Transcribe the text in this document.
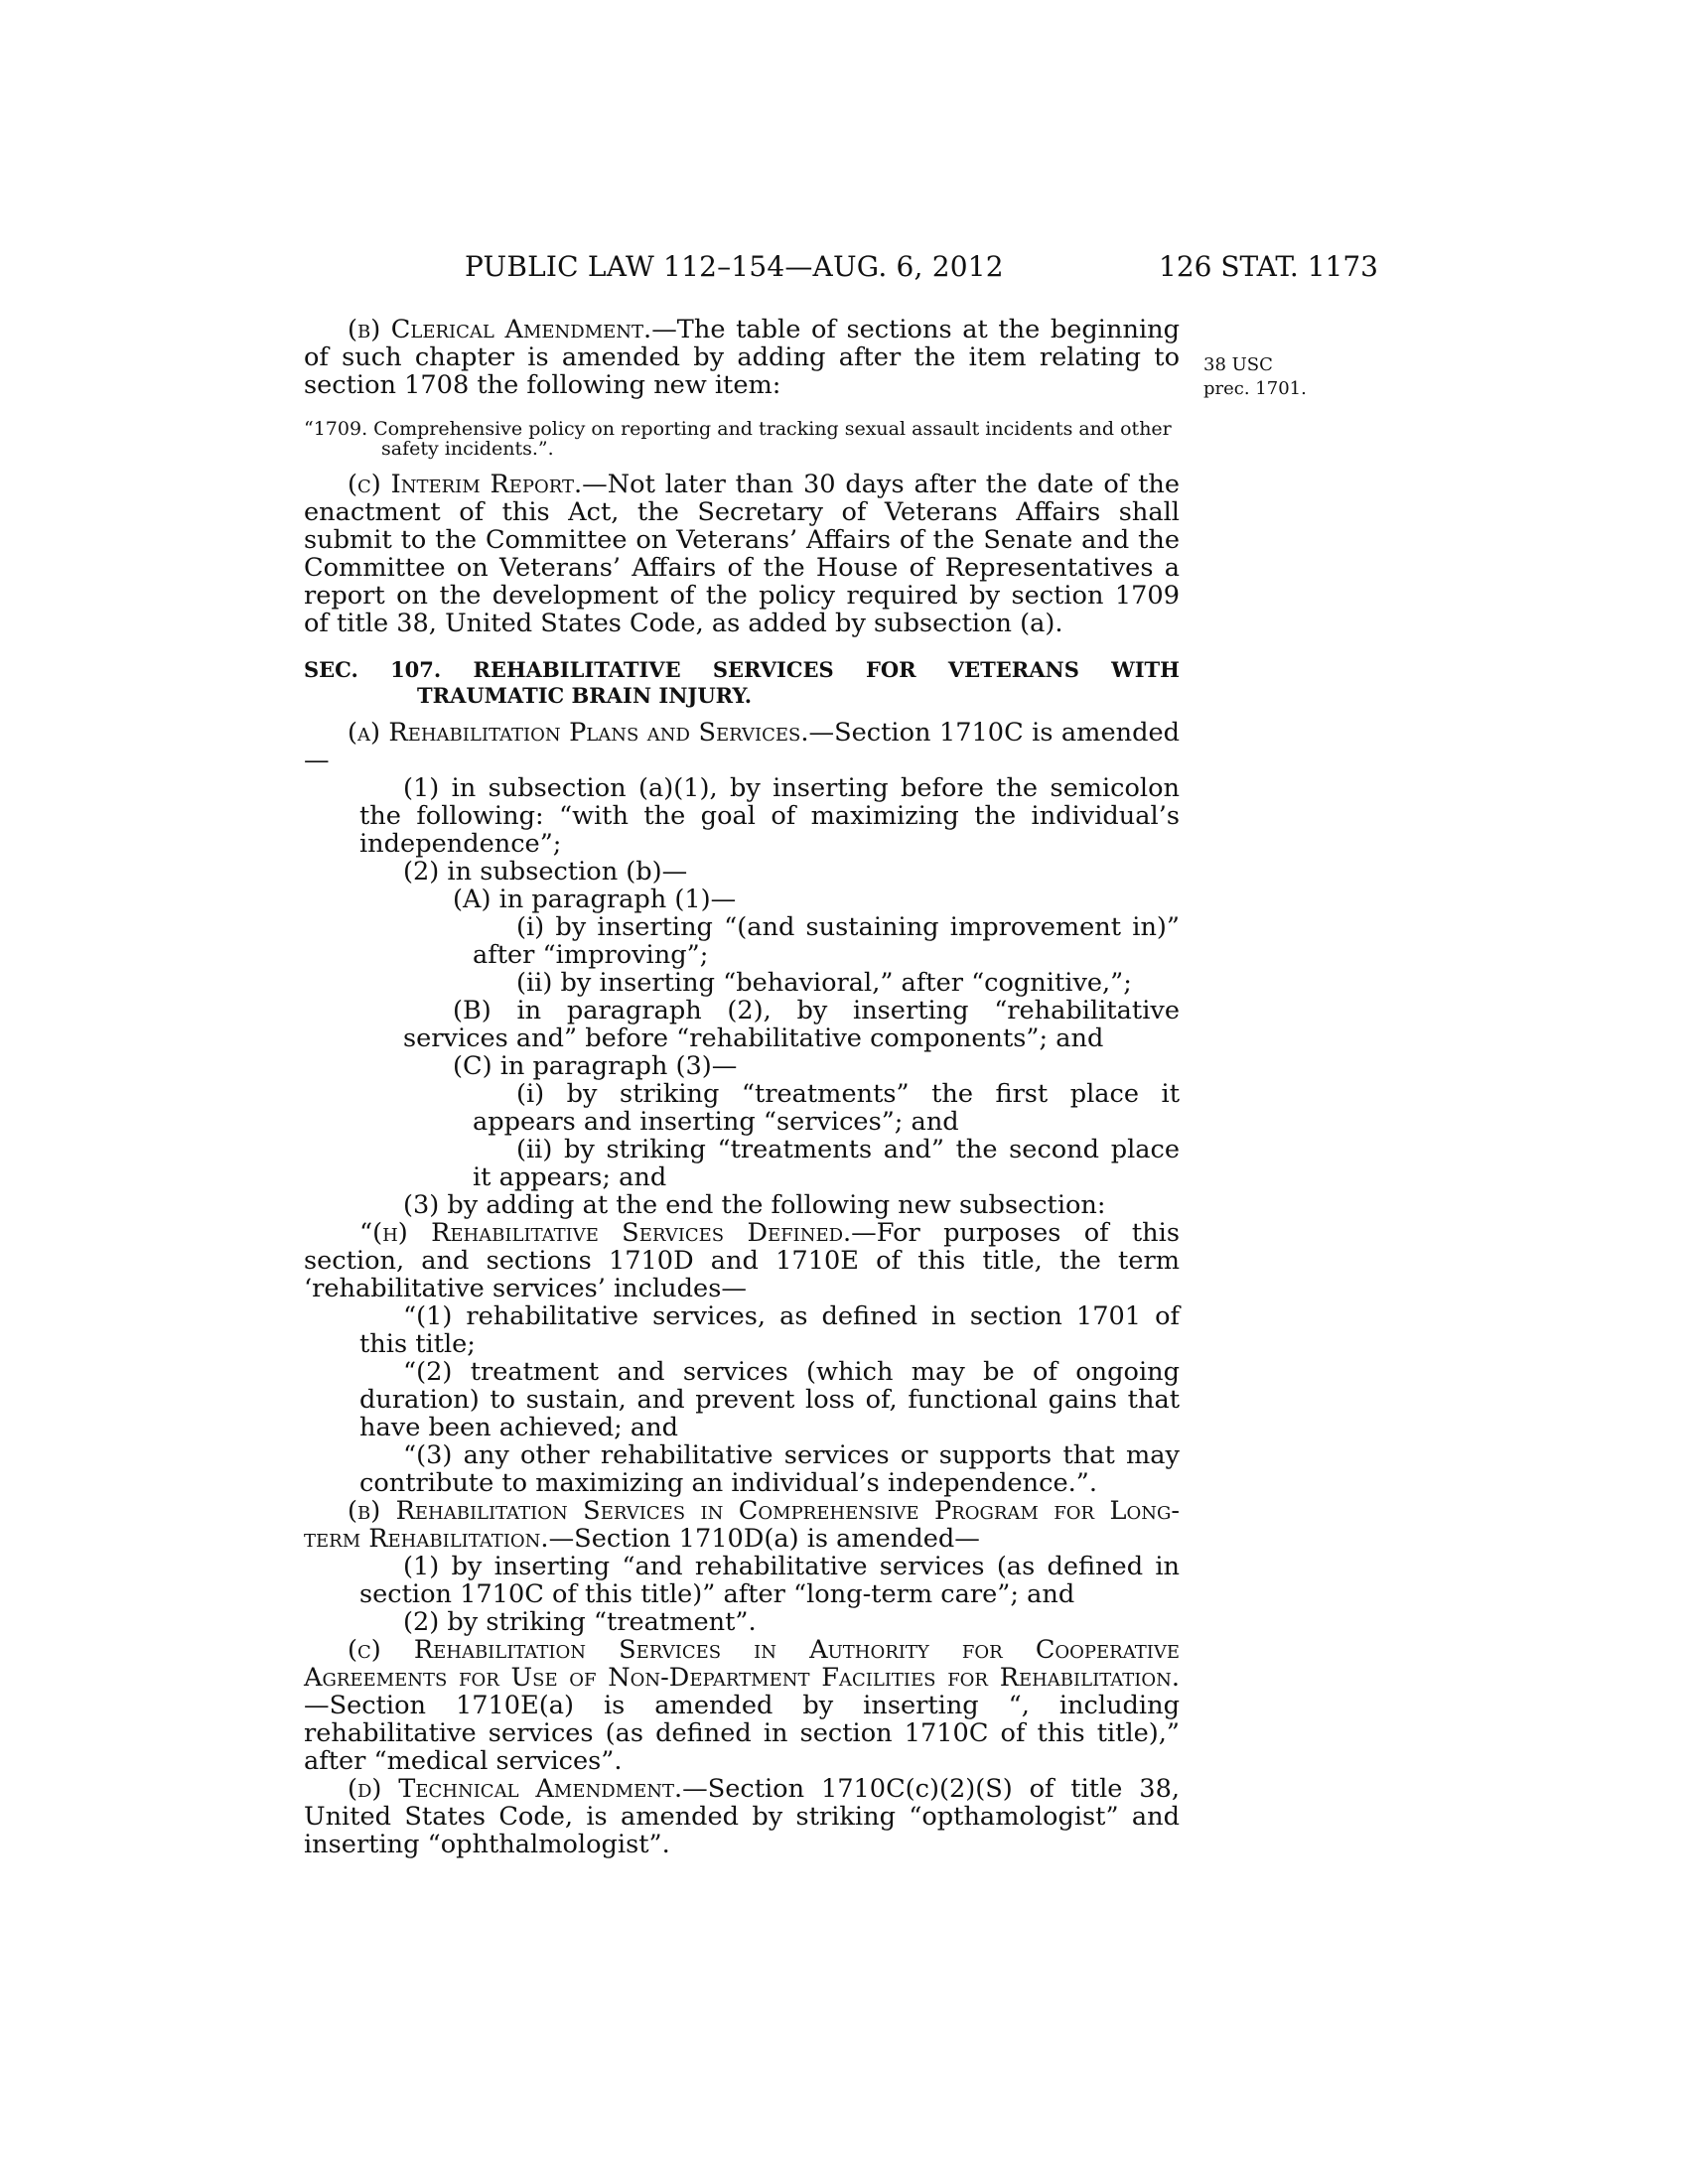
PUBLIC LAW 112–154—AUG. 6, 2012	126 STAT. 1173
38 USC
prec. 1701.

(b) Clerical Amendment.—The table of sections at the beginning of such chapter is amended by adding after the item relating to section 1708 the following new item:

“1709. Comprehensive policy on reporting and tracking sexual assault incidents and other safety incidents.”.

(c) Interim Report.—Not later than 30 days after the date of the enactment of this Act, the Secretary of Veterans Affairs shall submit to the Committee on Veterans’ Affairs of the Senate and the Committee on Veterans’ Affairs of the House of Representatives a report on the development of the policy required by section 1709 of title 38, United States Code, as added by subsection (a).

SEC. 107. REHABILITATIVE SERVICES FOR VETERANS WITH TRAUMATIC BRAIN INJURY.

(a) Rehabilitation Plans and Services.—Section 1710C is amended—

(1) in subsection (a)(1), by inserting before the semicolon the following: “with the goal of maximizing the individual’s independence”;

(2) in subsection (b)—

(A) in paragraph (1)—

(i) by inserting “(and sustaining improvement in)” after “improving”;

(ii) by inserting “behavioral,” after “cognitive,”;

(B) in paragraph (2), by inserting “rehabilitative services and” before “rehabilitative components”; and

(C) in paragraph (3)—

(i) by striking “treatments” the first place it appears and inserting “services”; and

(ii) by striking “treatments and” the second place it appears; and

(3) by adding at the end the following new subsection:

“(h) Rehabilitative Services Defined.—For purposes of this section, and sections 1710D and 1710E of this title, the term ‘rehabilitative services’ includes—

“(1) rehabilitative services, as defined in section 1701 of this title;

“(2) treatment and services (which may be of ongoing duration) to sustain, and prevent loss of, functional gains that have been achieved; and

“(3) any other rehabilitative services or supports that may contribute to maximizing an individual’s independence.”.

(b) Rehabilitation Services in Comprehensive Program for Long-term Rehabilitation.—Section 1710D(a) is amended—

(1) by inserting “and rehabilitative services (as defined in section 1710C of this title)” after “long-term care”; and

(2) by striking “treatment”.

(c) Rehabilitation Services in Authority for Cooperative Agreements for Use of Non-Department Facilities for Rehabilitation.—Section 1710E(a) is amended by inserting “, including rehabilitative services (as defined in section 1710C of this title),” after “medical services”.

(d) Technical Amendment.—Section 1710C(c)(2)(S) of title 38, United States Code, is amended by striking “opthamologist” and inserting “ophthalmologist”.
